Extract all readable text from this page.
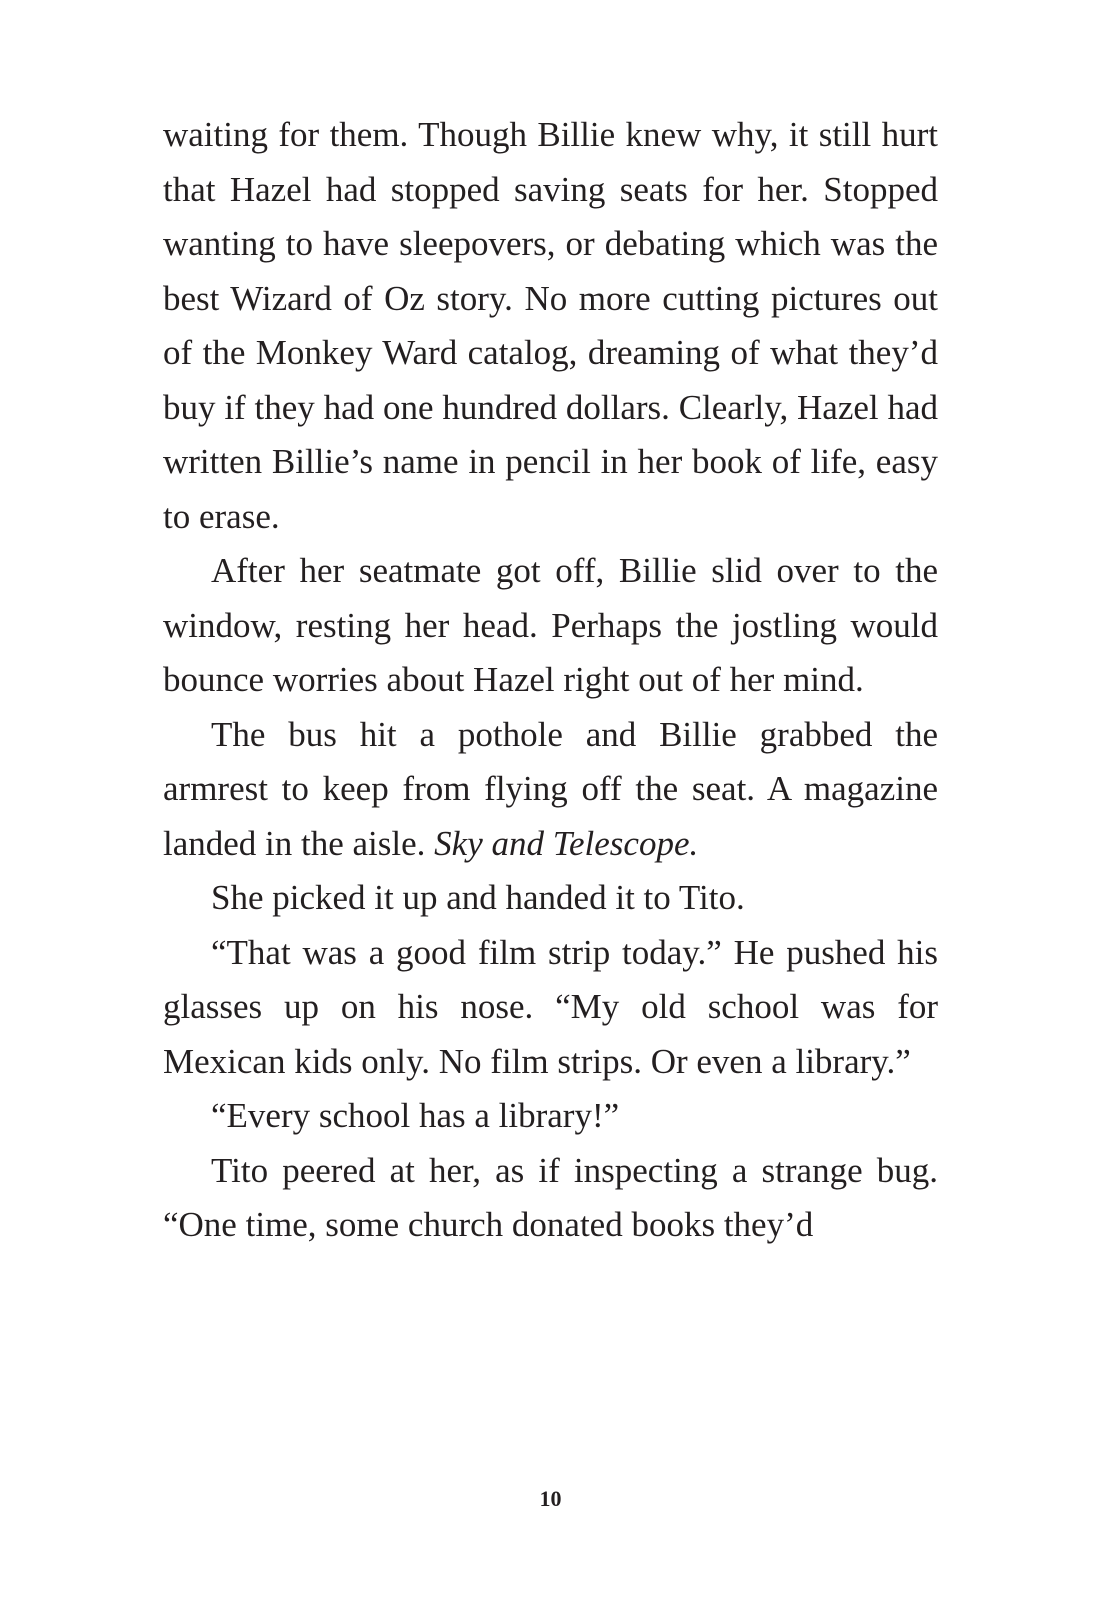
waiting for them. Though Billie knew why, it still hurt that Hazel had stopped saving seats for her. Stopped wanting to have sleepovers, or debating which was the best Wizard of Oz story. No more cutting pictures out of the Monkey Ward catalog, dreaming of what they’d buy if they had one hundred dollars. Clearly, Hazel had written Billie’s name in pencil in her book of life, easy to erase.

After her seatmate got off, Billie slid over to the window, resting her head. Perhaps the jostling would bounce worries about Hazel right out of her mind.

The bus hit a pothole and Billie grabbed the armrest to keep from flying off the seat. A magazine landed in the aisle. Sky and Telescope.

She picked it up and handed it to Tito.

“That was a good film strip today.” He pushed his glasses up on his nose. “My old school was for Mexican kids only. No film strips. Or even a library.”

“Every school has a library!”

Tito peered at her, as if inspecting a strange bug. “One time, some church donated books they’d

10
